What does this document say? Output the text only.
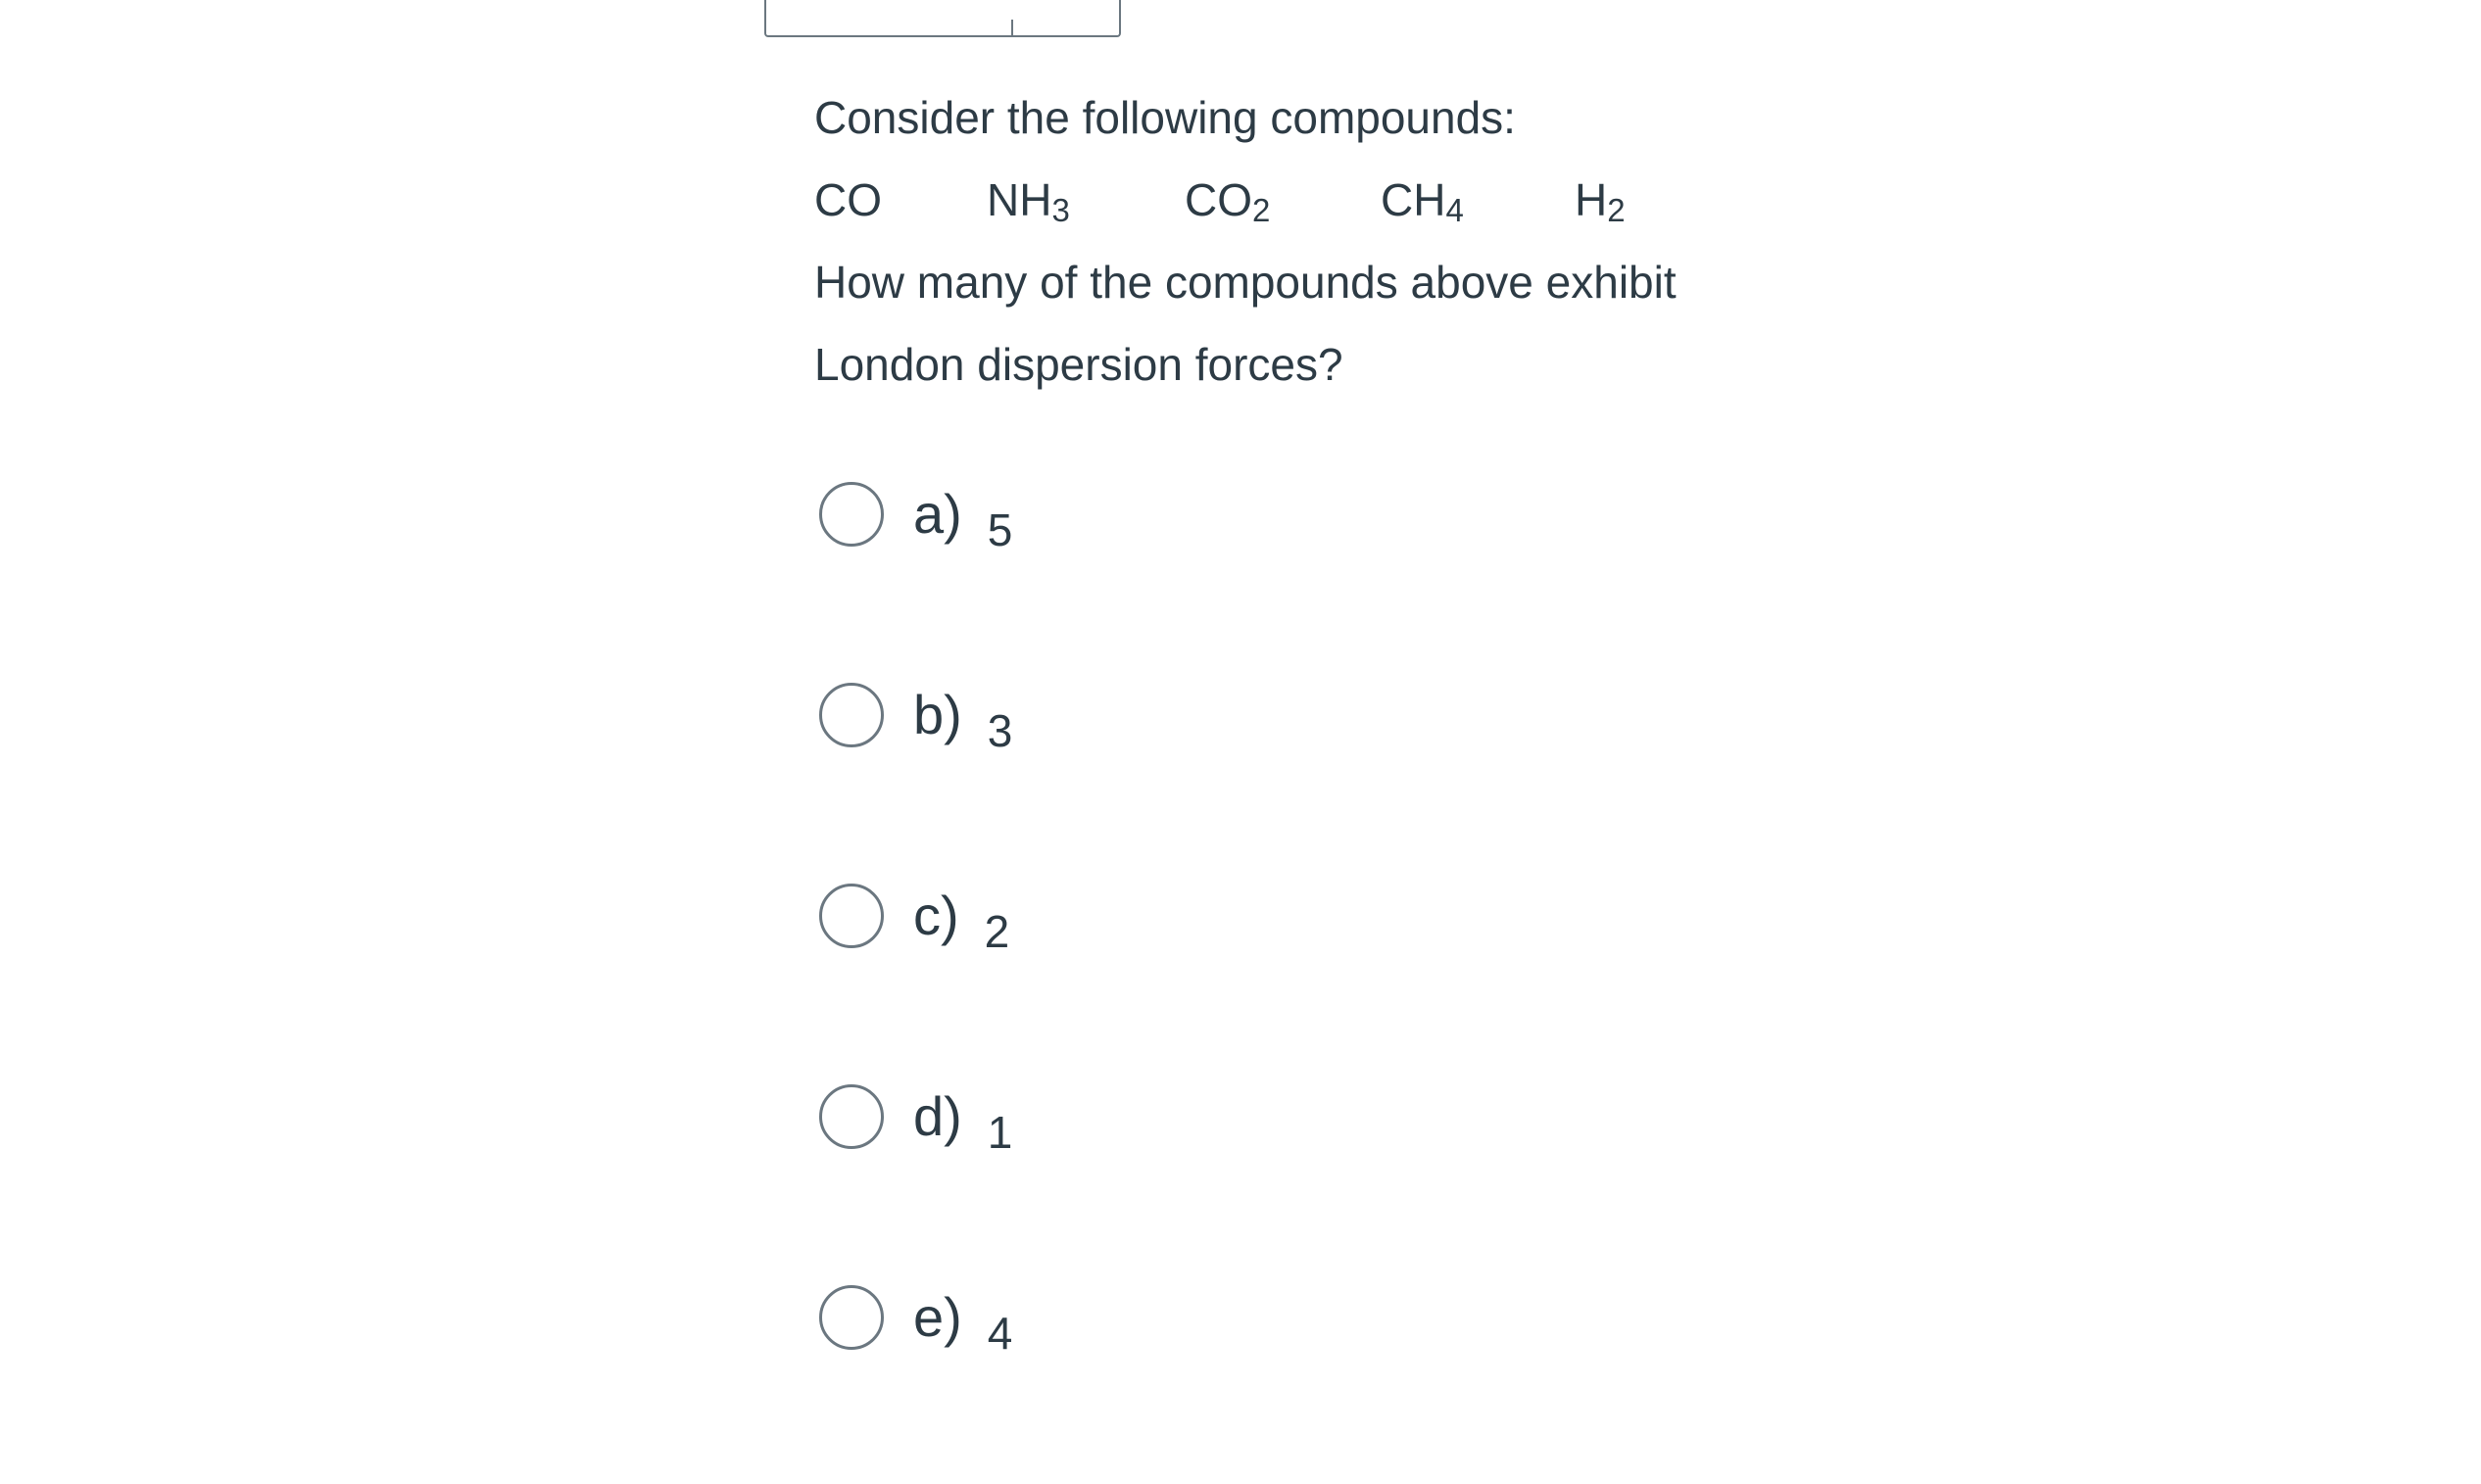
Consider the following compounds:

CO $NH_3$	$CO_2$ $CH_4$ $H_2$

How many of the compounds above exhibit

London dispersion forces?

a) 5
b) 3
c) 2
d) 1
e) 4
